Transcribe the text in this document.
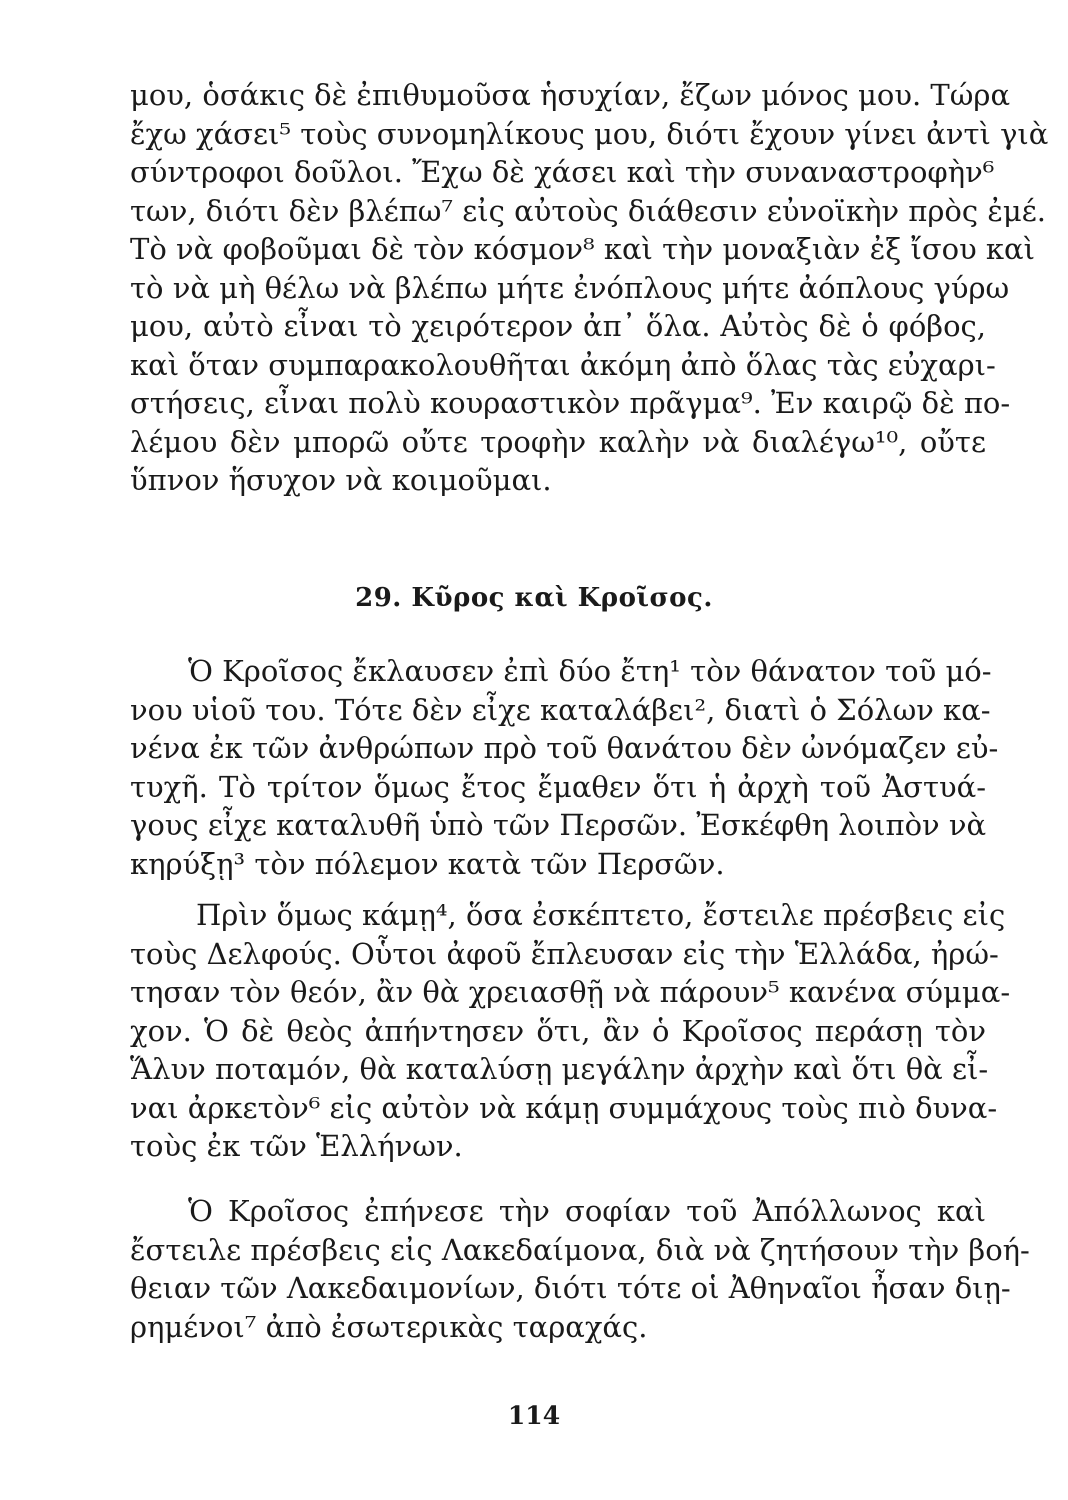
μου, ὁσάκις δὲ ἐπιθυμοῦσα ἡσυχίαν, ἔζων μόνος μου. Τώρα
ἔχω χάσει⁵ τοὺς συνομηλίκους μου, διότι ἔχουν γίνει ἀντὶ γιὰ
σύντροφοι δοῦλοι. Ἔχω δὲ χάσει καὶ τὴν συναναστροφὴν⁶
των, διότι δὲν βλέπω⁷ εἰς αὐτοὺς διάθεσιν εὐνοϊκὴν πρὸς ἐμέ.
Τὸ νὰ φοβοῦμαι δὲ τὸν κόσμον⁸ καὶ τὴν μοναξιὰν ἐξ ἴσου καὶ
τὸ νὰ μὴ θέλω νὰ βλέπω μήτε ἐνόπλους μήτε ἀόπλους γύρω
μου, αὐτὸ εἶναι τὸ χειρότερον ἀπ᾽ ὅλα. Αὐτὸς δὲ ὁ φόβος,
καὶ ὅταν συμπαρακολουθῆται ἀκόμη ἀπὸ ὅλας τὰς εὐχαρι-
στήσεις, εἶναι πολὺ κουραστικὸν πρᾶγμα⁹. Ἐν καιρῷ δὲ πο-
λέμου δὲν μπορῶ οὔτε τροφὴν καλὴν νὰ διαλέγω¹⁰, οὔτε
ὕπνον ἥσυχον νὰ κοιμοῦμαι.
29. Κῦρος καὶ Κροῖσος.
Ὁ Κροῖσος ἔκλαυσεν ἐπὶ δύο ἔτη¹ τὸν θάνατον τοῦ μό-
νου υἱοῦ του. Τότε δὲν εἶχε καταλάβει², διατὶ ὁ Σόλων κα-
νένα ἐκ τῶν ἀνθρώπων πρὸ τοῦ θανάτου δὲν ὠνόμαζεν εὐ-
τυχῆ. Τὸ τρίτον ὅμως ἔτος ἔμαθεν ὅτι ἡ ἀρχὴ τοῦ Ἀστυά-
γους εἶχε καταλυθῆ ὑπὸ τῶν Περσῶν. Ἐσκέφθη λοιπὸν νὰ
κηρύξῃ³ τὸν πόλεμον κατὰ τῶν Περσῶν.
Πρὶν ὅμως κάμῃ⁴, ὅσα ἐσκέπτετο, ἔστειλε πρέσβεις εἰς
τοὺς Δελφούς. Οὗτοι ἀφοῦ ἔπλευσαν εἰς τὴν Ἑλλάδα, ἠρώ-
τησαν τὸν θεόν, ἂν θὰ χρειασθῇ νὰ πάρουν⁵ κανένα σύμμα-
χον. Ὁ δὲ θεὸς ἀπήντησεν ὅτι, ἂν ὁ Κροῖσος περάσῃ τὸν
Ἅλυν ποταμόν, θὰ καταλύσῃ μεγάλην ἀρχὴν καὶ ὅτι θὰ εἶ-
ναι ἀρκετὸν⁶ εἰς αὐτὸν νὰ κάμῃ συμμάχους τοὺς πιὸ δυνα-
τοὺς ἐκ τῶν Ἑλλήνων.
Ὁ Κροῖσος ἐπήνεσε τὴν σοφίαν τοῦ Ἀπόλλωνος καὶ
ἔστειλε πρέσβεις εἰς Λακεδαίμονα, διὰ νὰ ζητήσουν τὴν βοή-
θειαν τῶν Λακεδαιμονίων, διότι τότε οἱ Ἀθηναῖοι ἦσαν διῃ-
ρημένοι⁷ ἀπὸ ἐσωτερικὰς ταραχάς.
114
